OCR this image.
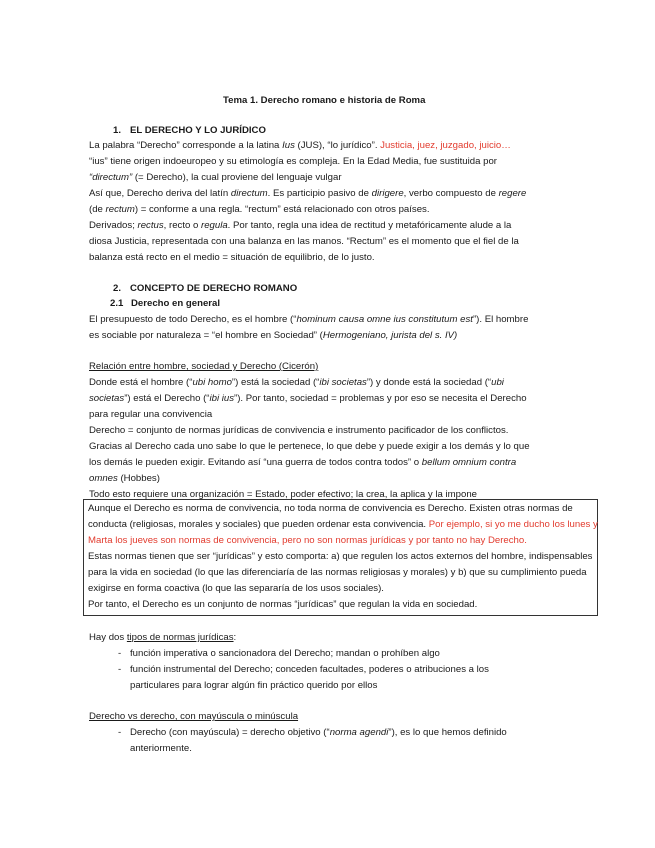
Tema 1. Derecho romano e historia de Roma
1. EL DERECHO Y LO JURÍDICO
La palabra “Derecho” corresponde a la latina Ius (JUS), “lo jurídico”. Justicia, juez, juzgado, juicio…
“ius” tiene origen indoeuropeo y su etimología es compleja. En la Edad Media, fue sustituida por
“directum” (= Derecho), la cual proviene del lenguaje vulgar
Así que, Derecho deriva del latín directum. Es participio pasivo de dirigere, verbo compuesto de regere
(de rectum) = conforme a una regla. “rectum” está relacionado con otros países.
Derivados; rectus, recto o regula. Por tanto, regla una idea de rectitud y metafóricamente alude a la
diosa Justicia, representada con una balanza en las manos. “Rectum” es el momento que el fiel de la
balanza está recto en el medio = situación de equilibrio, de lo justo.
2. CONCEPTO DE DERECHO ROMANO
2.1 Derecho en general
El presupuesto de todo Derecho, es el hombre (“hominum causa omne ius constitutum est”). El hombre
es sociable por naturaleza = “el hombre en Sociedad” (Hermogeniano, jurista del s. IV)
Relación entre hombre, sociedad y Derecho (Cicerón)
Donde está el hombre (“ubi homo”) está la sociedad (“ibi societas”) y donde está la sociedad (“ubi
societas”) está el Derecho (“ibi ius”). Por tanto, sociedad = problemas y por eso se necesita el Derecho
para regular una convivencia
Derecho = conjunto de normas jurídicas de convivencia e instrumento pacificador de los conflictos.
Gracias al Derecho cada uno sabe lo que le pertenece, lo que debe y puede exigir a los demás y lo que
los demás le pueden exigir. Evitando así “una guerra de todos contra todos” o bellum omnium contra
omnes (Hobbes)
Todo esto requiere una organización = Estado, poder efectivo; la crea, la aplica y la impone
Aunque el Derecho es norma de convivencia, no toda norma de convivencia es Derecho. Existen otras normas de
conducta (religiosas, morales y sociales) que pueden ordenar esta convivencia. Por ejemplo, si yo me ducho los lunes y
Marta los jueves son normas de convivencia, pero no son normas jurídicas y por tanto no hay Derecho.
Estas normas tienen que ser “jurídicas” y esto comporta: a) que regulen los actos externos del hombre, indispensables
para la vida en sociedad (lo que las diferenciaría de las normas religiosas y morales) y b) que su cumplimiento pueda
exigirse en forma coactiva (lo que las separaría de los usos sociales).
Por tanto, el Derecho es un conjunto de normas “jurídicas” que regulan la vida en sociedad.
Hay dos tipos de normas jurídicas:
- función imperativa o sancionadora del Derecho; mandan o prohíben algo
- función instrumental del Derecho; conceden facultades, poderes o atribuciones a los
particulares para lograr algún fin práctico querido por ellos
Derecho vs derecho, con mayúscula o minúscula
- Derecho (con mayúscula) = derecho objetivo (“norma agendi”), es lo que hemos definido
anteriormente.
